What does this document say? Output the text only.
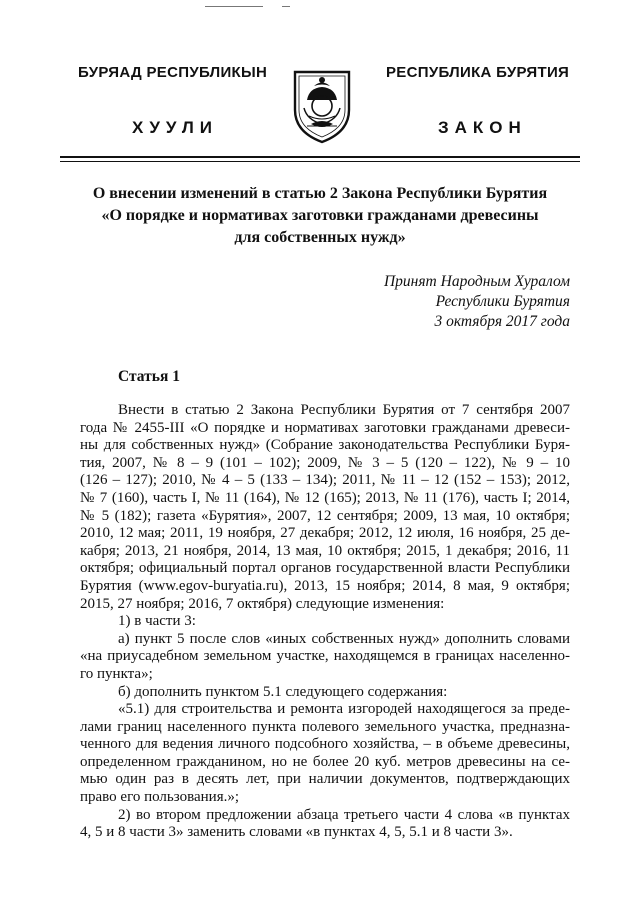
БУРЯАД РЕСПУБЛИКЫН
ХУУЛИ
РЕСПУБЛИКА БУРЯТИЯ
ЗАКОН
О внесении изменений в статью 2 Закона Республики Бурятия
«О порядке и нормативах заготовки гражданами древесины
для собственных нужд»
Принят Народным Хуралом
Республики Бурятия
3 октября 2017 года
Статья 1
Внести в статью 2 Закона Республики Бурятия от 7 сентября 2007
года № 2455-III «О порядке и нормативах заготовки гражданами древеси-
ны для собственных нужд» (Собрание законодательства Республики Буря-
тия, 2007, № 8 – 9 (101 – 102); 2009, № 3 – 5 (120 – 122), № 9 – 10
(126 – 127); 2010, № 4 – 5 (133 – 134); 2011, № 11 – 12 (152 – 153); 2012,
№ 7 (160), часть I, № 11 (164), № 12 (165); 2013, № 11 (176), часть I; 2014,
№ 5 (182); газета «Бурятия», 2007, 12 сентября; 2009, 13 мая, 10 октября;
2010, 12 мая; 2011, 19 ноября, 27 декабря; 2012, 12 июля, 16 ноября, 25 де-
кабря; 2013, 21 ноября, 2014, 13 мая, 10 октября; 2015, 1 декабря; 2016, 11
октября; официальный портал органов государственной власти Республики
Бурятия (www.egov-buryatia.ru), 2013, 15 ноября; 2014, 8 мая, 9 октября;
2015, 27 ноября; 2016, 7 октября) следующие изменения:
1) в части 3:
а) пункт 5 после слов «иных собственных нужд» дополнить словами
«на приусадебном земельном участке, находящемся в границах населенно-
го пункта»;
б) дополнить пунктом 5.1 следующего содержания:
«5.1) для строительства и ремонта изгородей находящегося за преде-
лами границ населенного пункта полевого земельного участка, предназна-
ченного для ведения личного подсобного хозяйства, – в объеме древесины,
определенном гражданином, но не более 20 куб. метров древесины на се-
мью один раз в десять лет, при наличии документов, подтверждающих
право его пользования.»;
2) во втором предложении абзаца третьего части 4 слова «в пунктах
4, 5 и 8 части 3» заменить словами «в пунктах 4, 5, 5.1 и 8 части 3».
